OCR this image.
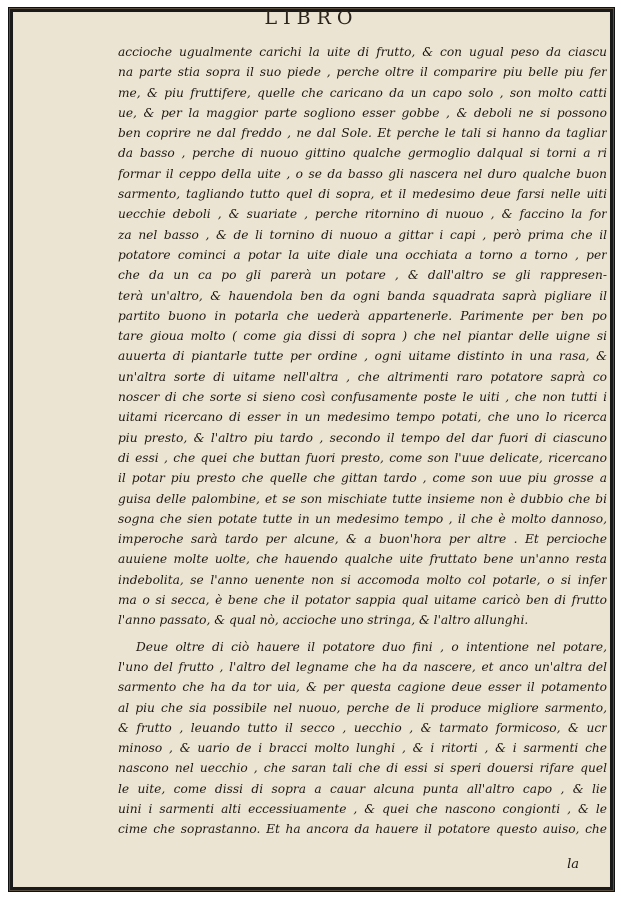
LIBRO
accioche ugualmente carichi la uite di frutto, & con ugual peso da ciascu
na parte stia sopra il suo piede , perche oltre il comparire piu belle piu fer
me, & piu fruttifere, quelle che caricano da un capo solo , son molto catti
ue, & per la maggior parte sogliono esser gobbe , & deboli ne si possono
ben coprire ne dal freddo , ne dal Sole. Et perche le tali si hanno da tagliar
da basso , perche di nuouo gittino qualche germoglio dalqual si torni a ri
formar il ceppo della uite , o se da basso gli nascera nel duro qualche buon
sarmento, tagliando tutto quel di sopra, et il medesimo deue farsi nelle uiti
uecchie deboli , & suariate , perche ritornino di nuouo , & faccino la for
za nel basso , & de li tornino di nuouo a gittar i capi , però prima che il
potatore cominci a potar la uite diale una occhiata a torno a torno , per
che da un ca po gli parerà un potare , & dall'altro se gli rappresen-
terà un'altro, & hauendola ben da ogni banda squadrata saprà pigliare il
partito buono in potarla che uederà appartenerle. Parimente per ben po
tare gioua molto ( come gia dissi di sopra ) che nel piantar delle uigne si
auuerta di piantarle tutte per ordine , ogni uitame distinto in una rasa, &
un'altra sorte di uitame nell'altra , che altrimenti raro potatore saprà co
noscer di che sorte si sieno così confusamente poste le uiti , che non tutti i
uitami ricercano di esser in un medesimo tempo potati, che uno lo ricerca
piu presto, & l'altro piu tardo , secondo il tempo del dar fuori di ciascuno
di essi , che quei che buttan fuori presto, come son l'uue delicate, ricercano
il potar piu presto che quelle che gittan tardo , come son uue piu grosse a
guisa delle palombine, et se son mischiate tutte insieme non è dubbio che bi
sogna che sien potate tutte in un medesimo tempo , il che è molto dannoso,
imperoche sarà tardo per alcune, & a buon'hora per altre . Et percioche
auuiene molte uolte, che hauendo qualche uite fruttato bene un'anno resta
indebolita, se l'anno uenente non si accomoda molto col potarle, o si infer
ma o si secca, è bene che il potator sappia qual uitame caricò ben di frutto
l'anno passato, & qual nò, accioche uno stringa, & l'altro allunghi.
Deue oltre di ciò hauere il potatore duo fini , o intentione nel potare,
l'uno del frutto , l'altro del legname che ha da nascere, et anco un'altra del
sarmento che ha da tor uia, & per questa cagione deue esser il potamento
al piu che sia possibile nel nuouo, perche de li produce migliore sarmento,
& frutto , leuando tutto il secco , uecchio , & tarmato formicoso, & ucr
minoso , & uario de i bracci molto lunghi , & i ritorti , & i sarmenti che
nascono nel uecchio , che saran tali che di essi si speri douersi rifare quel
le uite, come dissi di sopra a cauar alcuna punta all'altro capo , & lie
uini i sarmenti alti eccessiuamente , & quei che nascono congionti , & le
cime che soprastanno. Et ha ancora da hauere il potatore questo auiso, che
la
